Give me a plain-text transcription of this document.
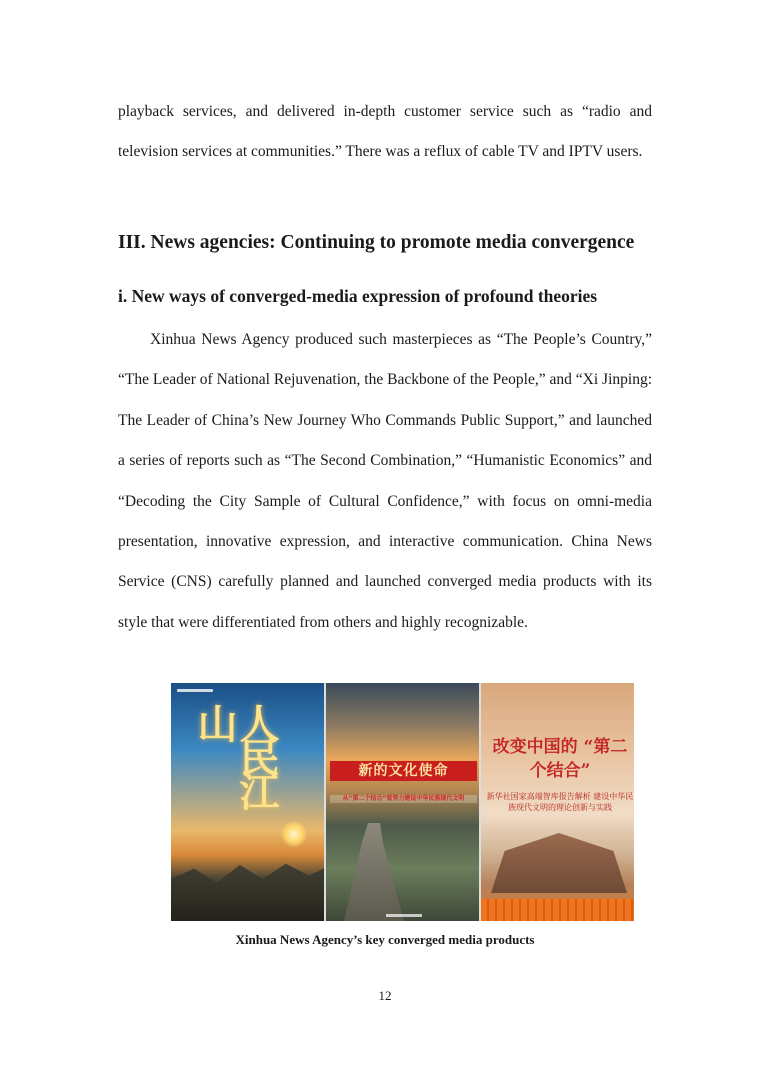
playback services, and delivered in-depth customer service such as “radio and television services at communities.” There was a reflux of cable TV and IPTV users.

III. News agencies: Continuing to promote media convergence
i. New ways of converged-media expression of profound theories

Xinhua News Agency produced such masterpieces as “The People’s Country,” “The Leader of National Rejuvenation, the Backbone of the People,” and “Xi Jinping: The Leader of China’s New Journey Who Commands Public Support,” and launched a series of reports such as “The Second Combination,” “Humanistic Economics” and “Decoding the City Sample of Cultural Confidence,” with focus on omni-media presentation, innovative expression, and interactive communication. China News Service (CNS) carefully planned and launched converged media products with its style that were differentiated from others and highly recognizable.

人民江山
新的文化使命
从“第二个结合”看努力建设中华民族现代文明
改变中国的 “第二个结合”
新华社国家高端智库报告解析 建设中华民族现代文明的理论创新与实践

Xinhua News Agency’s key converged media products

12
